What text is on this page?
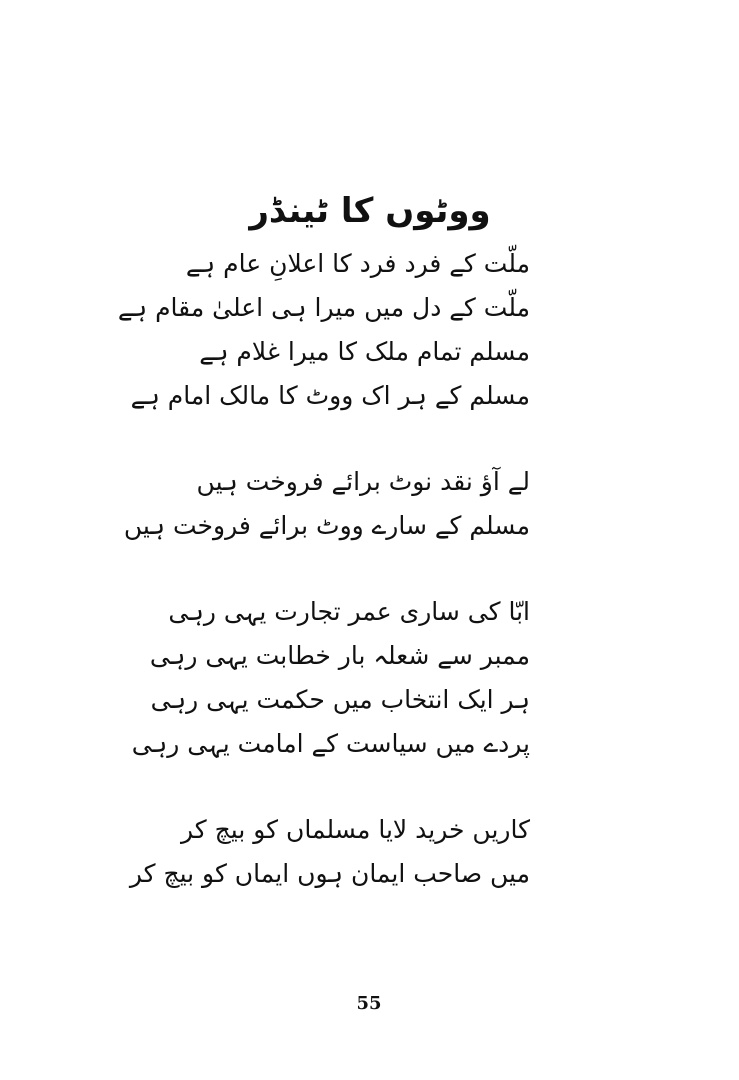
ووٹوں کا ٹینڈر
ملّت کے فرد فرد کا اعلانِ عام ہے
ملّت کے دل میں میرا ہی اعلیٰ مقام ہے
مسلم تمام ملک کا میرا غلام ہے
مسلم کے ہر اک ووٹ کا مالک امام ہے
لے آؤ نقد نوٹ برائے فروخت ہیں
مسلم کے سارے ووٹ برائے فروخت ہیں
ابّا کی ساری عمر تجارت یہی رہی
ممبر سے شعلہ بار خطابت یہی رہی
ہر ایک انتخاب میں حکمت یہی رہی
پردے میں سیاست کے امامت یہی رہی
کاریں خرید لایا مسلماں کو بیچ کر
میں صاحب ایمان ہوں ایماں کو بیچ کر
55
